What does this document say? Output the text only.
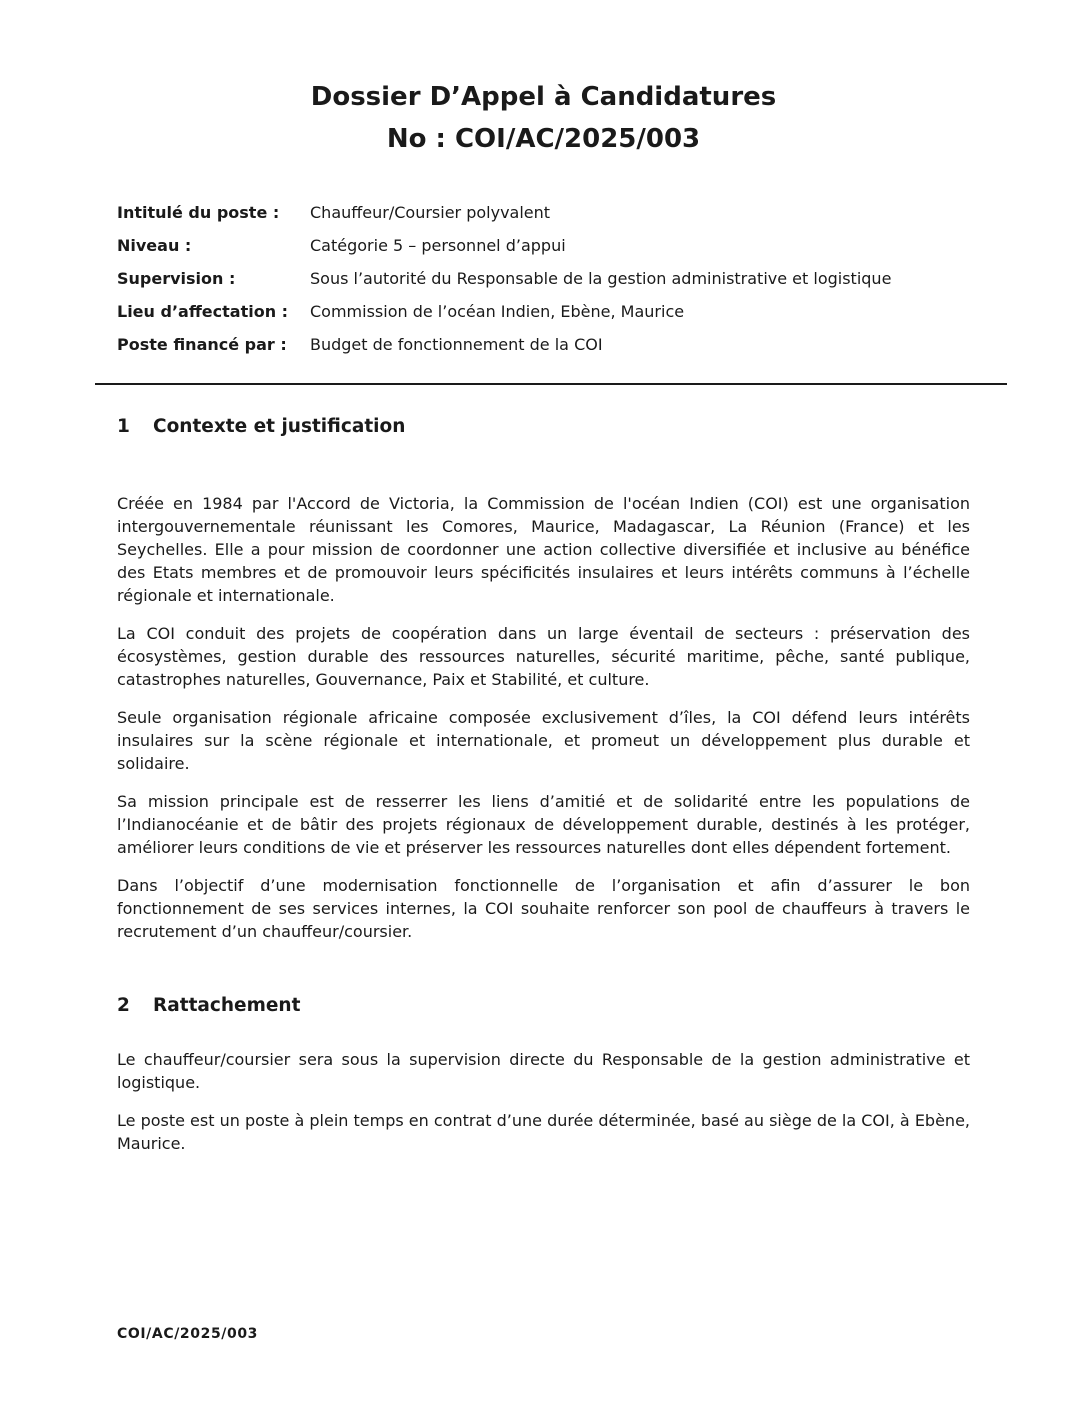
Dossier D’Appel à Candidatures
No : COI/AC/2025/003
Intitulé du poste :	Chauffeur/Coursier polyvalent
Niveau :	Catégorie 5 – personnel d’appui
Supervision :	Sous l’autorité du Responsable de la gestion administrative et logistique
Lieu d’affectation :	Commission de l’océan Indien, Ebène, Maurice
Poste financé par :	Budget de fonctionnement de la COI
1 Contexte et justification

Créée en 1984 par l'Accord de Victoria, la Commission de l'océan Indien (COI) est une organisation intergouvernementale réunissant les Comores, Maurice, Madagascar, La Réunion (France) et les Seychelles. Elle a pour mission de coordonner une action collective diversifiée et inclusive au bénéfice des Etats membres et de promouvoir leurs spécificités insulaires et leurs intérêts communs à l’échelle régionale et internationale.

La COI conduit des projets de coopération dans un large éventail de secteurs : préservation des écosystèmes, gestion durable des ressources naturelles, sécurité maritime, pêche, santé publique, catastrophes naturelles, Gouvernance, Paix et Stabilité, et culture.

Seule organisation régionale africaine composée exclusivement d’îles, la COI défend leurs intérêts insulaires sur la scène régionale et internationale, et promeut un développement plus durable et solidaire.

Sa mission principale est de resserrer les liens d’amitié et de solidarité entre les populations de l’Indianocéanie et de bâtir des projets régionaux de développement durable, destinés à les protéger, améliorer leurs conditions de vie et préserver les ressources naturelles dont elles dépendent fortement.

Dans l’objectif d’une modernisation fonctionnelle de l’organisation et afin d’assurer le bon fonctionnement de ses services internes, la COI souhaite renforcer son pool de chauffeurs à travers le recrutement d’un chauffeur/coursier.

2 Rattachement

Le chauffeur/coursier sera sous la supervision directe du Responsable de la gestion administrative et logistique.

Le poste est un poste à plein temps en contrat d’une durée déterminée, basé au siège de la COI, à Ebène, Maurice.

COI/AC/2025/003
